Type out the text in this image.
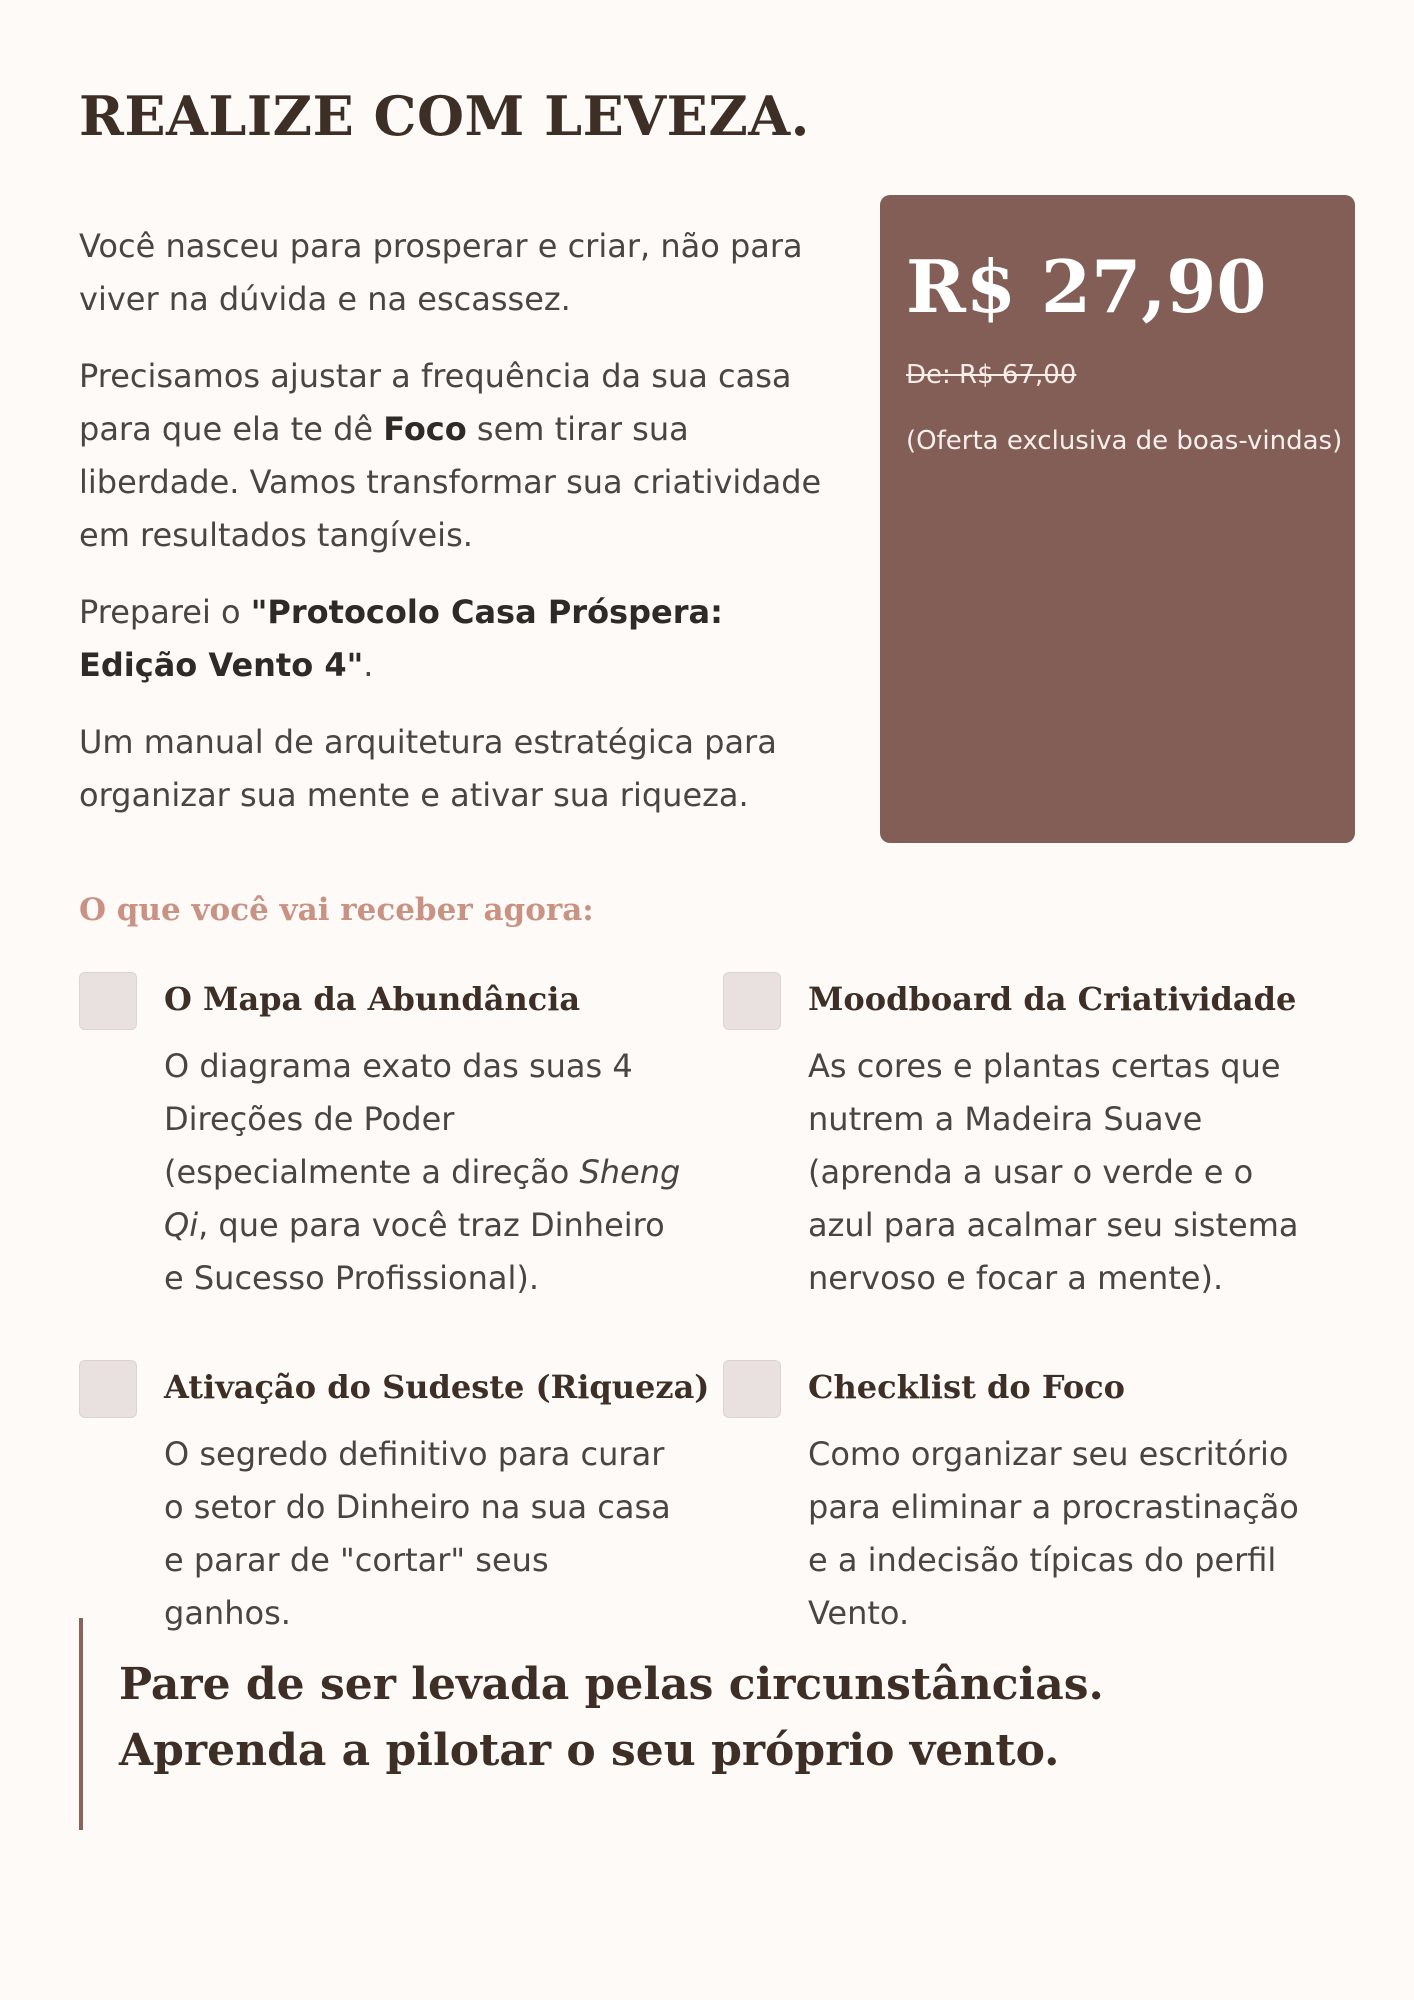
REALIZE COM LEVEZA.

Você nasceu para prosperar e criar, não para viver na dúvida e na escassez.

Precisamos ajustar a frequência da sua casa para que ela te dê Foco sem tirar sua liberdade. Vamos transformar sua criatividade em resultados tangíveis.

Preparei o "Protocolo Casa Próspera: Edição Vento 4".

Um manual de arquitetura estratégica para organizar sua mente e ativar sua riqueza.

R$ 27,90
De: R$ 67,00
(Oferta exclusiva de boas-vindas)
O que você vai receber agora:
O Mapa da Abundância

O diagrama exato das suas 4 Direções de Poder (especialmente a direção Sheng Qi, que para você traz Dinheiro e Sucesso Profissional).

Moodboard da Criatividade

As cores e plantas certas que nutrem a Madeira Suave (aprenda a usar o verde e o azul para acalmar seu sistema nervoso e focar a mente).

Ativação do Sudeste (Riqueza)

O segredo definitivo para curar o setor do Dinheiro na sua casa e parar de "cortar" seus ganhos.

Checklist do Foco

Como organizar seu escritório para eliminar a procrastinação e a indecisão típicas do perfil Vento.

Pare de ser levada pelas circunstâncias. Aprenda a pilotar o seu próprio vento.
